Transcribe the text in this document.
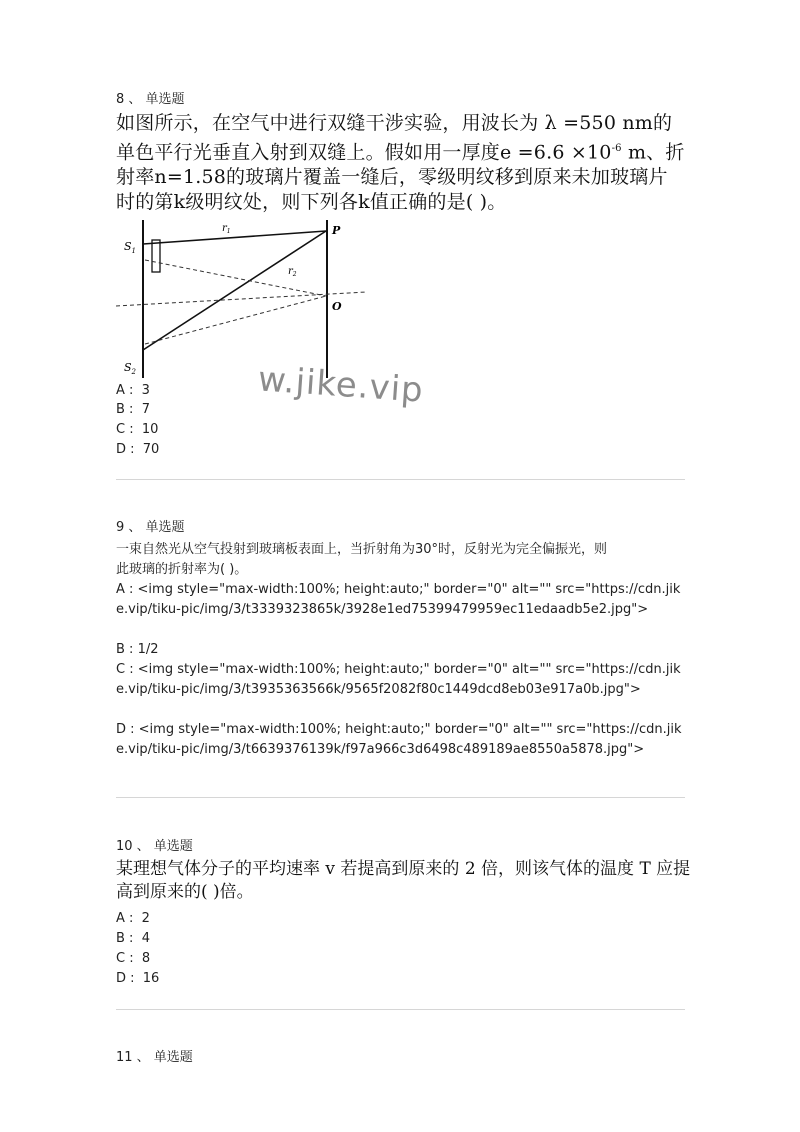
8 、 单选题
如图所示，在空气中进行双缝干涉实验，用波长为 λ =550 nm的
单色平行光垂直入射到双缝上。假如用一厚度$e =6.6 \times 10^{-6}$ m、折
射率n=1.58的玻璃片覆盖一缝后，零级明纹移到原来未加玻璃片
时的第k级明纹处，则下列各k值正确的是( )。
$S_1$
$S_2$
$r_1$
$r_2$
P
O
w.jike.vip
A :  3
B :  7
C :  10
D :  70
9 、 单选题
一束自然光从空气投射到玻璃板表面上，当折射角为30°时，反射光为完全偏振光，则
此玻璃的折射率为( )。
A : <img style="max-width:100%; height:auto;" border="0" alt="" src="https://cdn.jike.vip/tiku-pic/img/3/t3339323865k/3928e1ed75399479959ec11edaadb5e2.jpg">
B : 1/2
C : <img style="max-width:100%; height:auto;" border="0" alt="" src="https://cdn.jike.vip/tiku-pic/img/3/t3935363566k/9565f2082f80c1449dcd8eb03e917a0b.jpg">
D : <img style="max-width:100%; height:auto;" border="0" alt="" src="https://cdn.jike.vip/tiku-pic/img/3/t6639376139k/f97a966c3d6498c489189ae8550a5878.jpg">
10 、 单选题
某理想气体分子的平均速率 v 若提高到原来的 2 倍，则该气体的温度 T 应提
高到原来的( )倍。
A :  2
B :  4
C :  8
D :  16
11 、 单选题
